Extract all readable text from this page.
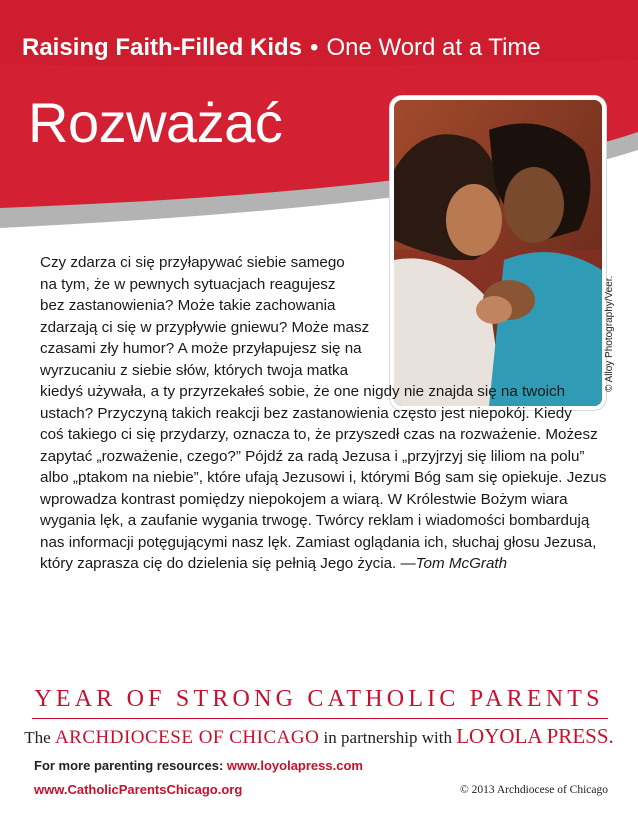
Raising Faith-Filled Kids • One Word at a Time
Rozważać
© Alloy Photography/Veer.

Czy zdarza ci się przyłapywać siebie samego
na tym, że w pewnych sytuacjach reagujesz
bez zastanowienia? Może takie zachowania
zdarzają ci się w przypływie gniewu? Może masz
czasami zły humor? A może przyłapujesz się na
wyrzucaniu z siebie słów, których twoja matka
kiedyś używała, a ty przyrzekałeś sobie, że one nigdy nie znajda się na twoich
ustach? Przyczyną takich reakcji bez zastanowienia często jest niepokój. Kiedy
coś takiego ci się przydarzy, oznacza to, że przyszedł czas na rozważenie. Możesz
zapytać „rozważenie, czego?” Pójdź za radą Jezusa i „przyjrzyj się liliom na polu”
albo „ptakom na niebie”, które ufają Jezusowi i, którymi Bóg sam się opiekuje. Jezus
wprowadza kontrast pomiędzy niepokojem a wiarą. W Królestwie Bożym wiara
wygania lęk, a zaufanie wygania trwogę. Twórcy reklam i wiadomości bombardują
nas informacji potęgującymi nasz lęk. Zamiast oglądania ich, słuchaj głosu Jezusa,
który zaprasza cię do dzielenia się pełnią Jego życia. —Tom McGrath

YEAR OF STRONG CATHOLIC PARENTS
The ARCHDIOCESE OF CHICAGO in partnership with LOYOLA PRESS.
For more parenting resources: www.loyolapress.com
www.CatholicParentsChicago.org	© 2013 Archdiocese of Chicago
